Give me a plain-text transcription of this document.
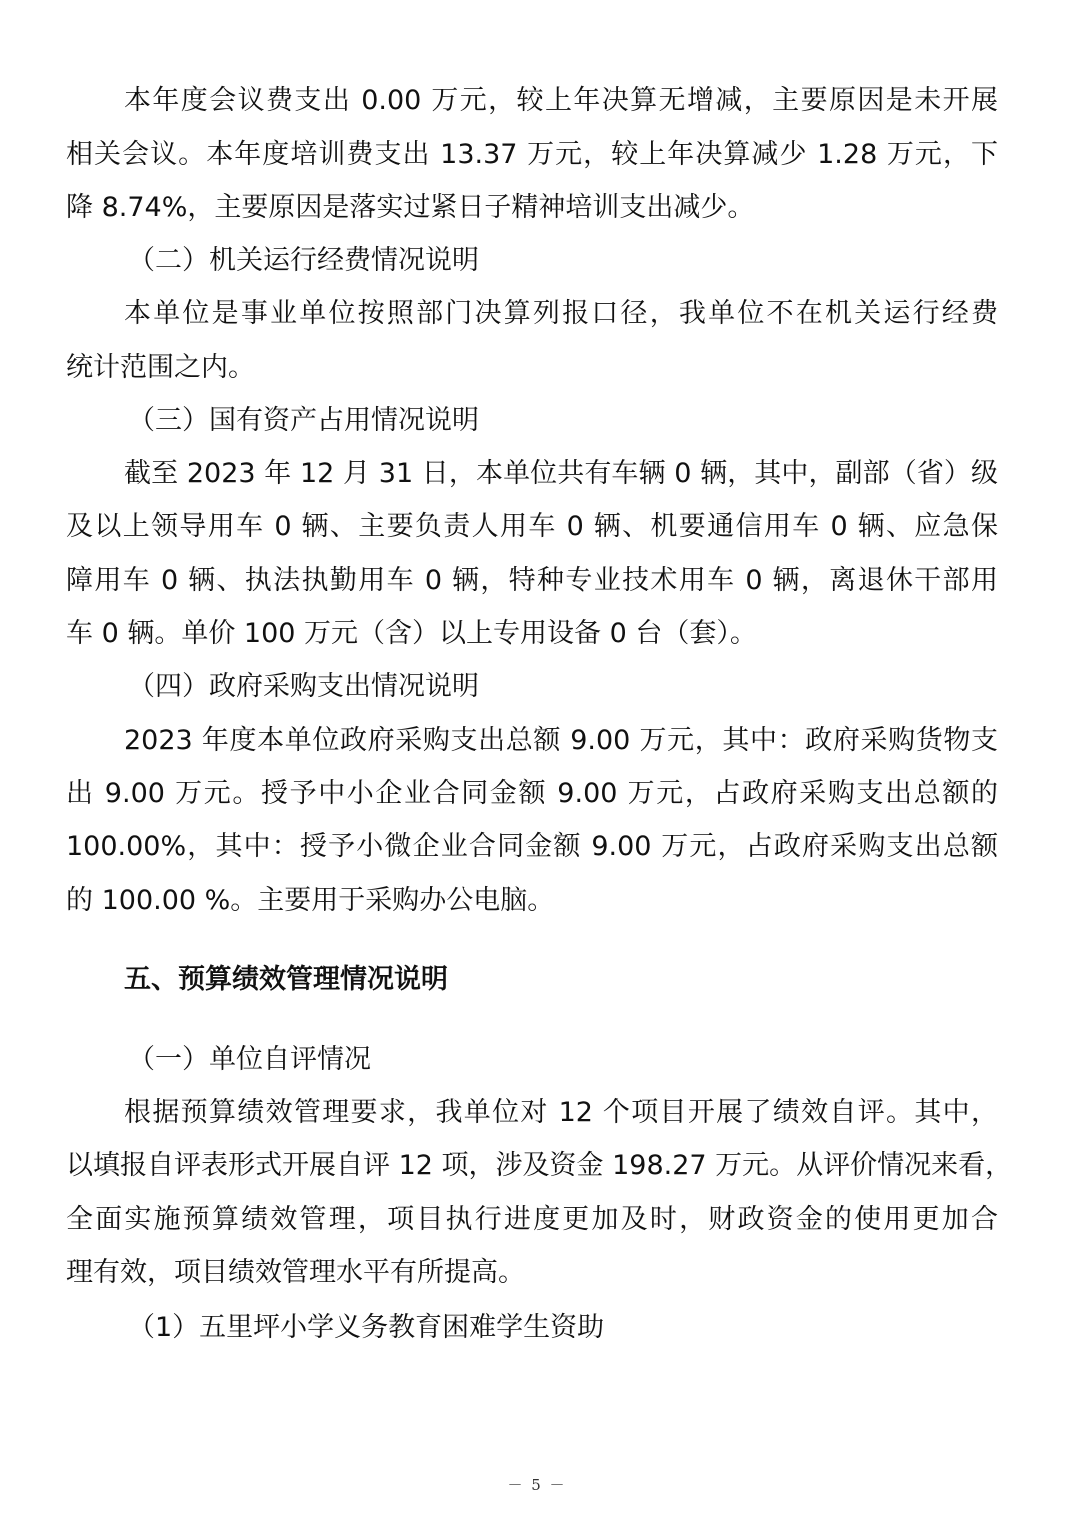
本年度会议费支出 0.00 万元，较上年决算无增减，主要原因是未开展
相关会议。本年度培训费支出 13.37 万元，较上年决算减少 1.28 万元，下
降 8.74%，主要原因是落实过紧日子精神培训支出减少。
（二）机关运行经费情况说明
本单位是事业单位按照部门决算列报口径，我单位不在机关运行经费
统计范围之内。
（三）国有资产占用情况说明
截至 2023 年 12 月 31 日，本单位共有车辆 0 辆，其中，副部（省）级
及以上领导用车 0 辆、主要负责人用车 0 辆、机要通信用车 0 辆、应急保
障用车 0 辆、执法执勤用车 0 辆，特种专业技术用车 0 辆，离退休干部用
车 0 辆。单价 100 万元（含）以上专用设备 0 台（套）。
（四）政府采购支出情况说明
2023 年度本单位政府采购支出总额 9.00 万元，其中：政府采购货物支
出 9.00 万元。授予中小企业合同金额 9.00 万元，占政府采购支出总额的
100.00%，其中：授予小微企业合同金额 9.00 万元，占政府采购支出总额
的 100.00 %。主要用于采购办公电脑。
五、预算绩效管理情况说明
（一）单位自评情况
根据预算绩效管理要求，我单位对 12 个项目开展了绩效自评。其中，
以填报自评表形式开展自评 12 项，涉及资金 198.27 万元。从评价情况来看，
全面实施预算绩效管理，项目执行进度更加及时，财政资金的使用更加合
理有效，项目绩效管理水平有所提高。
（1）五里坪小学义务教育困难学生资助
－ 5 －
